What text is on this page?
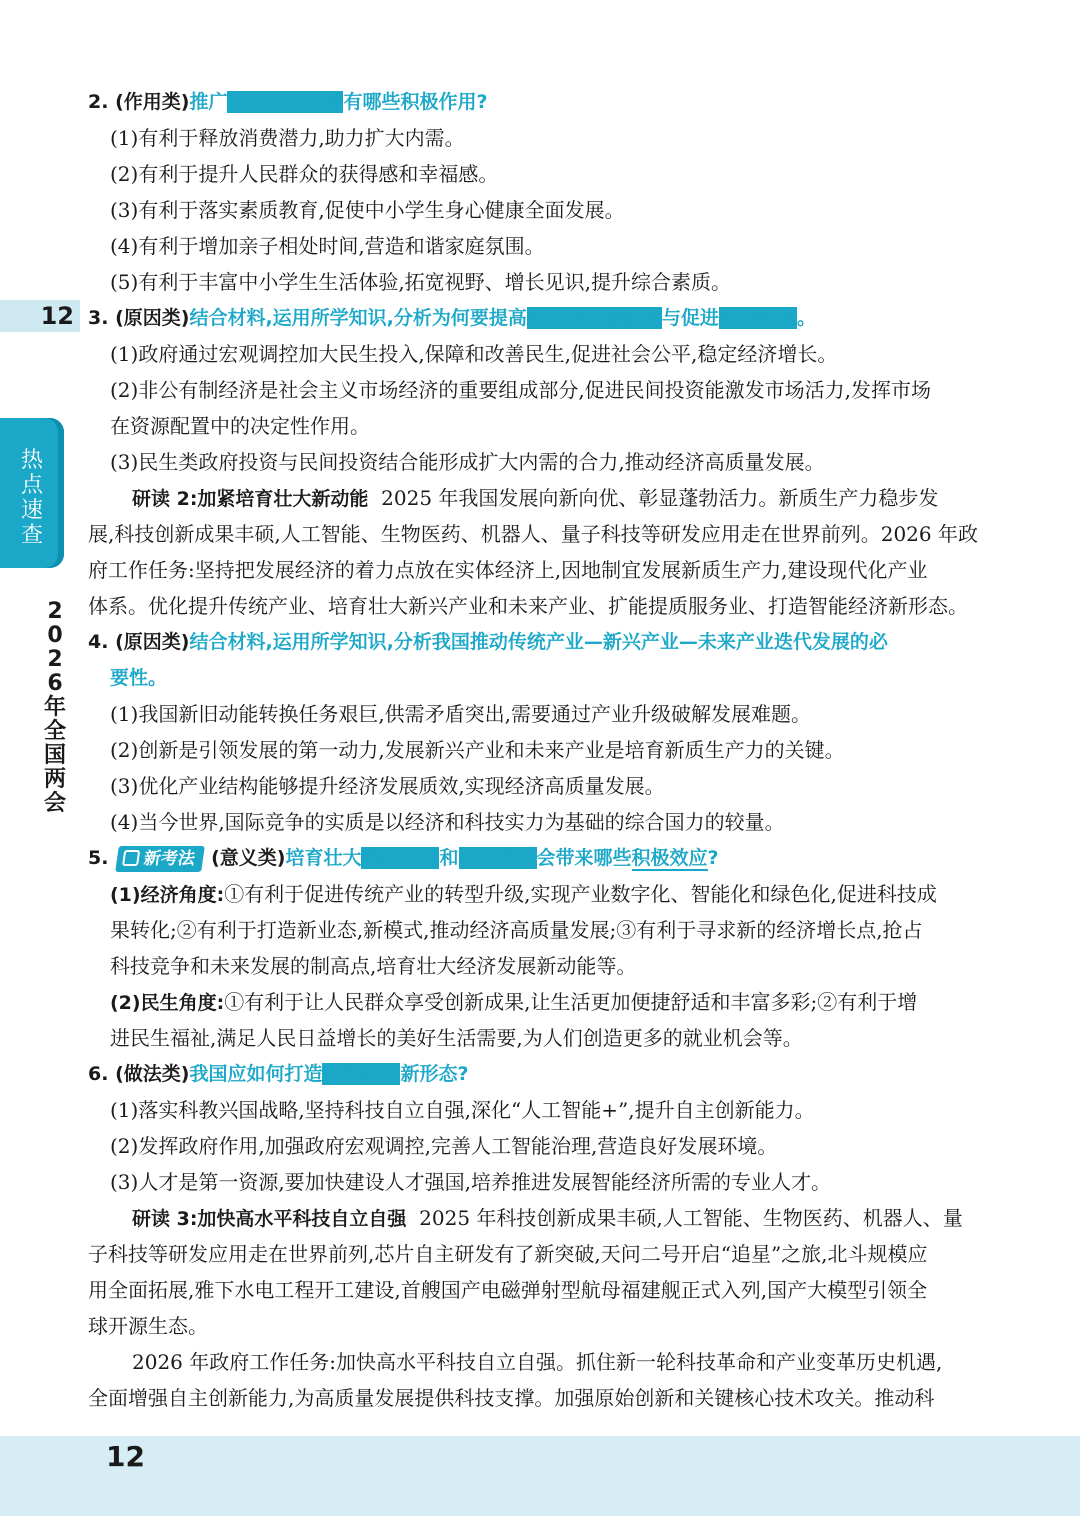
12
热点速查
2026年全国两会
2. (作用类)推广中小学春秋假有哪些积极作用?
(1)有利于释放消费潜力,助力扩大内需。
(2)有利于提升人民群众的获得感和幸福感。
(3)有利于落实素质教育,促使中小学生身心健康全面发展。
(4)有利于增加亲子相处时间,营造和谐家庭氛围。
(5)有利于丰富中小学生生活体验,拓宽视野、增长见识,提升综合素质。
3. (原因类)结合材料,运用所学知识,分析为何要提高民生类政府投资与促进民间投资。
(1)政府通过宏观调控加大民生投入,保障和改善民生,促进社会公平,稳定经济增长。
(2)非公有制经济是社会主义市场经济的重要组成部分,促进民间投资能激发市场活力,发挥市场
在资源配置中的决定性作用。
(3)民生类政府投资与民间投资结合能形成扩大内需的合力,推动经济高质量发展。
研读 2:加紧培育壮大新动能 2025 年我国发展向新向优、彰显蓬勃活力。新质生产力稳步发
展,科技创新成果丰硕,人工智能、生物医药、机器人、量子科技等研发应用走在世界前列。2026 年政
府工作任务:坚持把发展经济的着力点放在实体经济上,因地制宜发展新质生产力,建设现代化产业
体系。优化提升传统产业、培育壮大新兴产业和未来产业、扩能提质服务业、打造智能经济新形态。
4. (原因类)结合材料,运用所学知识,分析我国推动传统产业—新兴产业—未来产业迭代发展的必
要性。
(1)我国新旧动能转换任务艰巨,供需矛盾突出,需要通过产业升级破解发展难题。
(2)创新是引领发展的第一动力,发展新兴产业和未来产业是培育新质生产力的关键。
(3)优化产业结构能够提升经济发展质效,实现经济高质量发展。
(4)当今世界,国际竞争的实质是以经济和科技实力为基础的综合国力的较量。
5. 新考法 (意义类)培育壮大新兴产业和未来产业会带来哪些积极效应?
(1)经济角度:①有利于促进传统产业的转型升级,实现产业数字化、智能化和绿色化,促进科技成
果转化;②有利于打造新业态,新模式,推动经济高质量发展;③有利于寻求新的经济增长点,抢占
科技竞争和未来发展的制高点,培育壮大经济发展新动能等。
(2)民生角度:①有利于让人民群众享受创新成果,让生活更加便捷舒适和丰富多彩;②有利于增
进民生福祉,满足人民日益增长的美好生活需要,为人们创造更多的就业机会等。
6. (做法类)我国应如何打造智能经济新形态?
(1)落实科教兴国战略,坚持科技自立自强,深化“人工智能+”,提升自主创新能力。
(2)发挥政府作用,加强政府宏观调控,完善人工智能治理,营造良好发展环境。
(3)人才是第一资源,要加快建设人才强国,培养推进发展智能经济所需的专业人才。
研读 3:加快高水平科技自立自强 2025 年科技创新成果丰硕,人工智能、生物医药、机器人、量
子科技等研发应用走在世界前列,芯片自主研发有了新突破,天问二号开启“追星”之旅,北斗规模应
用全面拓展,雅下水电工程开工建设,首艘国产电磁弹射型航母福建舰正式入列,国产大模型引领全
球开源生态。
2026 年政府工作任务:加快高水平科技自立自强。抓住新一轮科技革命和产业变革历史机遇,
全面增强自主创新能力,为高质量发展提供科技支撑。加强原始创新和关键核心技术攻关。推动科
12
